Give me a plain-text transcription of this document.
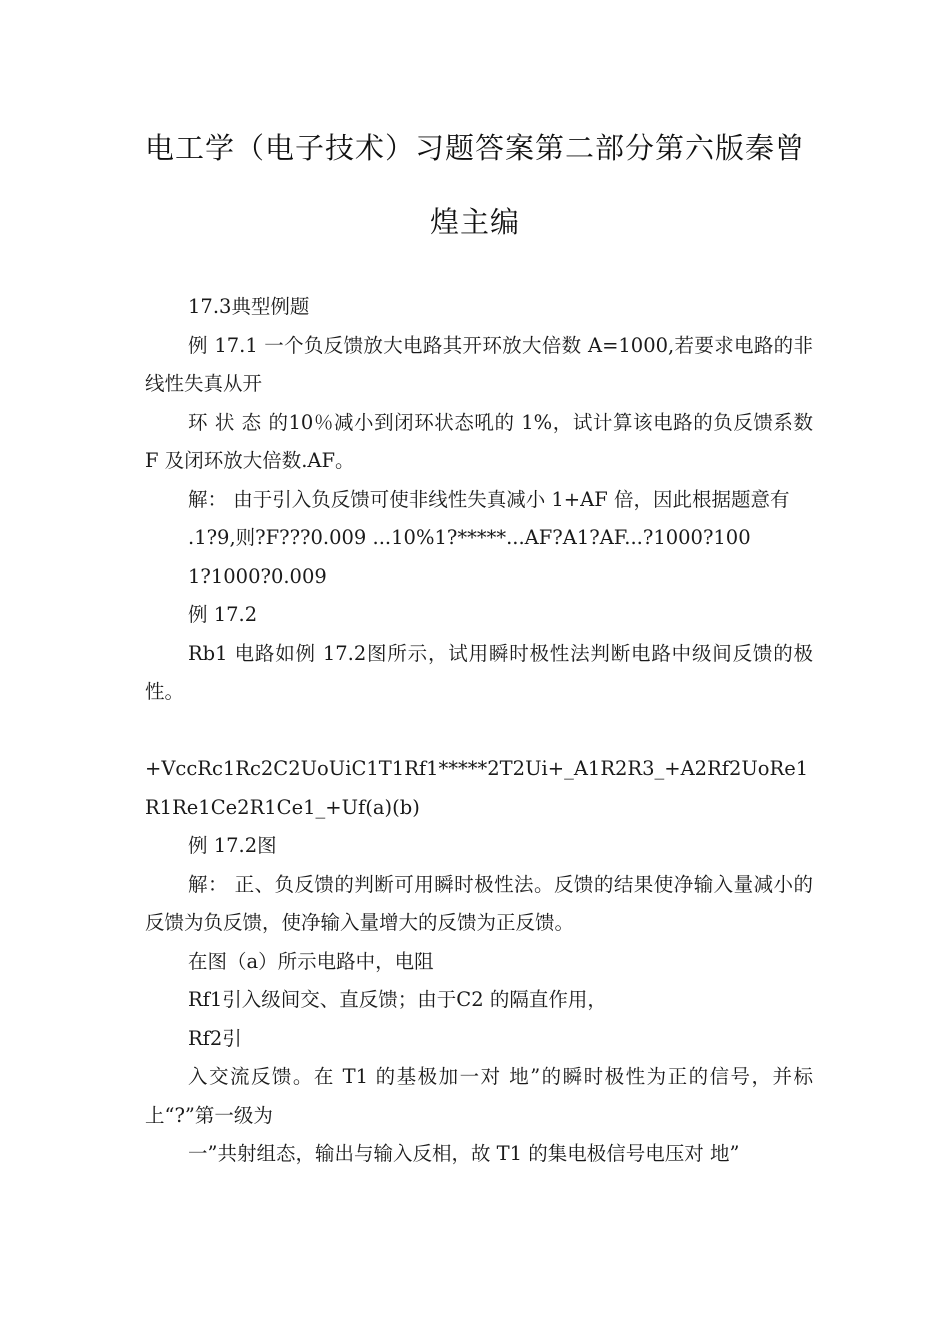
电工学（电子技术）习题答案第二部分第六版秦曾
煌主编

17.3典型例题

例 17.1 一个负反馈放大电路其开环放大倍数 A=1000,若要求电路的非线性失真从开

环 状 态 的10％减小到闭环状态吼的 1%，试计算该电路的负反馈系数 F 及闭环放大倍数.AF。

解： 由于引入负反馈可使非线性失真减小 1+AF 倍，因此根据题意有

.1?9,则?F???0.009 ...10%1?*****...AF?A1?AF...?1000?100

1?1000?0.009

例 17.2

Rb1 电路如例 17.2图所示，试用瞬时极性法判断电路中级间反馈的极性。

+VccRc1Rc2C2UoUiC1T1Rf1*****2T2Ui+_A1R2R3_+A2Rf2UoRe1R1Re1Ce2R1Ce1_+Uf(a)(b)

例 17.2图

解： 正、负反馈的判断可用瞬时极性法。反馈的结果使净输入量减小的反馈为负反馈，使净输入量增大的反馈为正反馈。

在图（a）所示电路中，电阻

Rf1引入级间交、直反馈；由于C2 的隔直作用，

Rf2引

入交流反馈。在 T1 的基极加一对 地”的瞬时极性为正的信号，并标上“?”第一级为

一”共射组态，输出与输入反相，故 T1 的集电极信号电压对 地”
